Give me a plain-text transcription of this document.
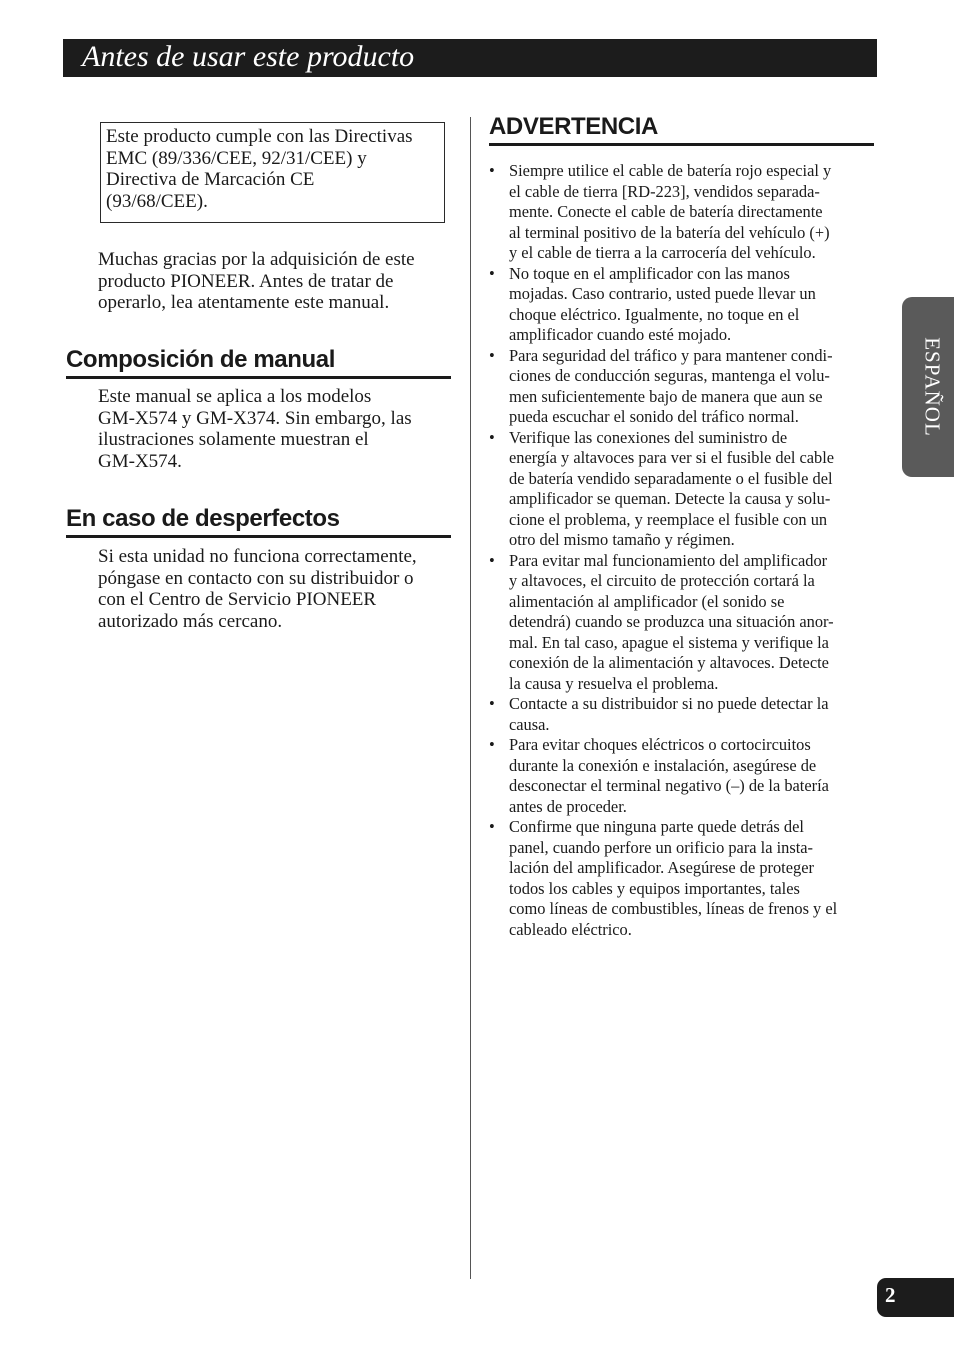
Antes de usar este producto
Este producto cumple con las Directivas
EMC (89/336/CEE, 92/31/CEE) y
Directiva de Marcación CE
(93/68/CEE).
Muchas gracias por la adquisición de este
producto PIONEER. Antes de tratar de
operarlo, lea atentamente este manual.
Composición de manual
Este manual se aplica a los modelos
GM-X574 y GM-X374. Sin embargo, las
ilustraciones solamente muestran el
GM-X574.
En caso de desperfectos
Si esta unidad no funciona correctamente,
póngase en contacto con su distribuidor o
con el Centro de Servicio PIONEER
autorizado más cercano.
ADVERTENCIA
• Siempre utilice el cable de batería rojo especial y
el cable de tierra [RD-223], vendidos separada-
mente. Conecte el cable de batería directamente
al terminal positivo de la batería del vehículo (+)
y el cable de tierra a la carrocería del vehículo.
• No toque en el amplificador con las manos
mojadas. Caso contrario, usted puede llevar un
choque eléctrico. Igualmente, no toque en el
amplificador cuando esté mojado.
• Para seguridad del tráfico y para mantener condi-
ciones de conducción seguras, mantenga el volu-
men suficientemente bajo de manera que aun se
pueda escuchar el sonido del tráfico normal.
• Verifique las conexiones del suministro de
energía y altavoces para ver si el fusible del cable
de batería vendido separadamente o el fusible del
amplificador se queman. Detecte la causa y solu-
cione el problema, y reemplace el fusible con un
otro del mismo tamaño y régimen.
• Para evitar mal funcionamiento del amplificador
y altavoces, el circuito de protección cortará la
alimentación al amplificador (el sonido se
detendrá) cuando se produzca una situación anor-
mal. En tal caso, apague el sistema y verifique la
conexión de la alimentación y altavoces. Detecte
la causa y resuelva el problema.
• Contacte a su distribuidor si no puede detectar la
causa.
• Para evitar choques eléctricos o cortocircuitos
durante la conexión e instalación, asegúrese de
desconectar el terminal negativo (–) de la batería
antes de proceder.
• Confirme que ninguna parte quede detrás del
panel, cuando perfore un orificio para la insta-
lación del amplificador. Asegúrese de proteger
todos los cables y equipos importantes, tales
como líneas de combustibles, líneas de frenos y el
cableado eléctrico.
ESPAÑOL
2
